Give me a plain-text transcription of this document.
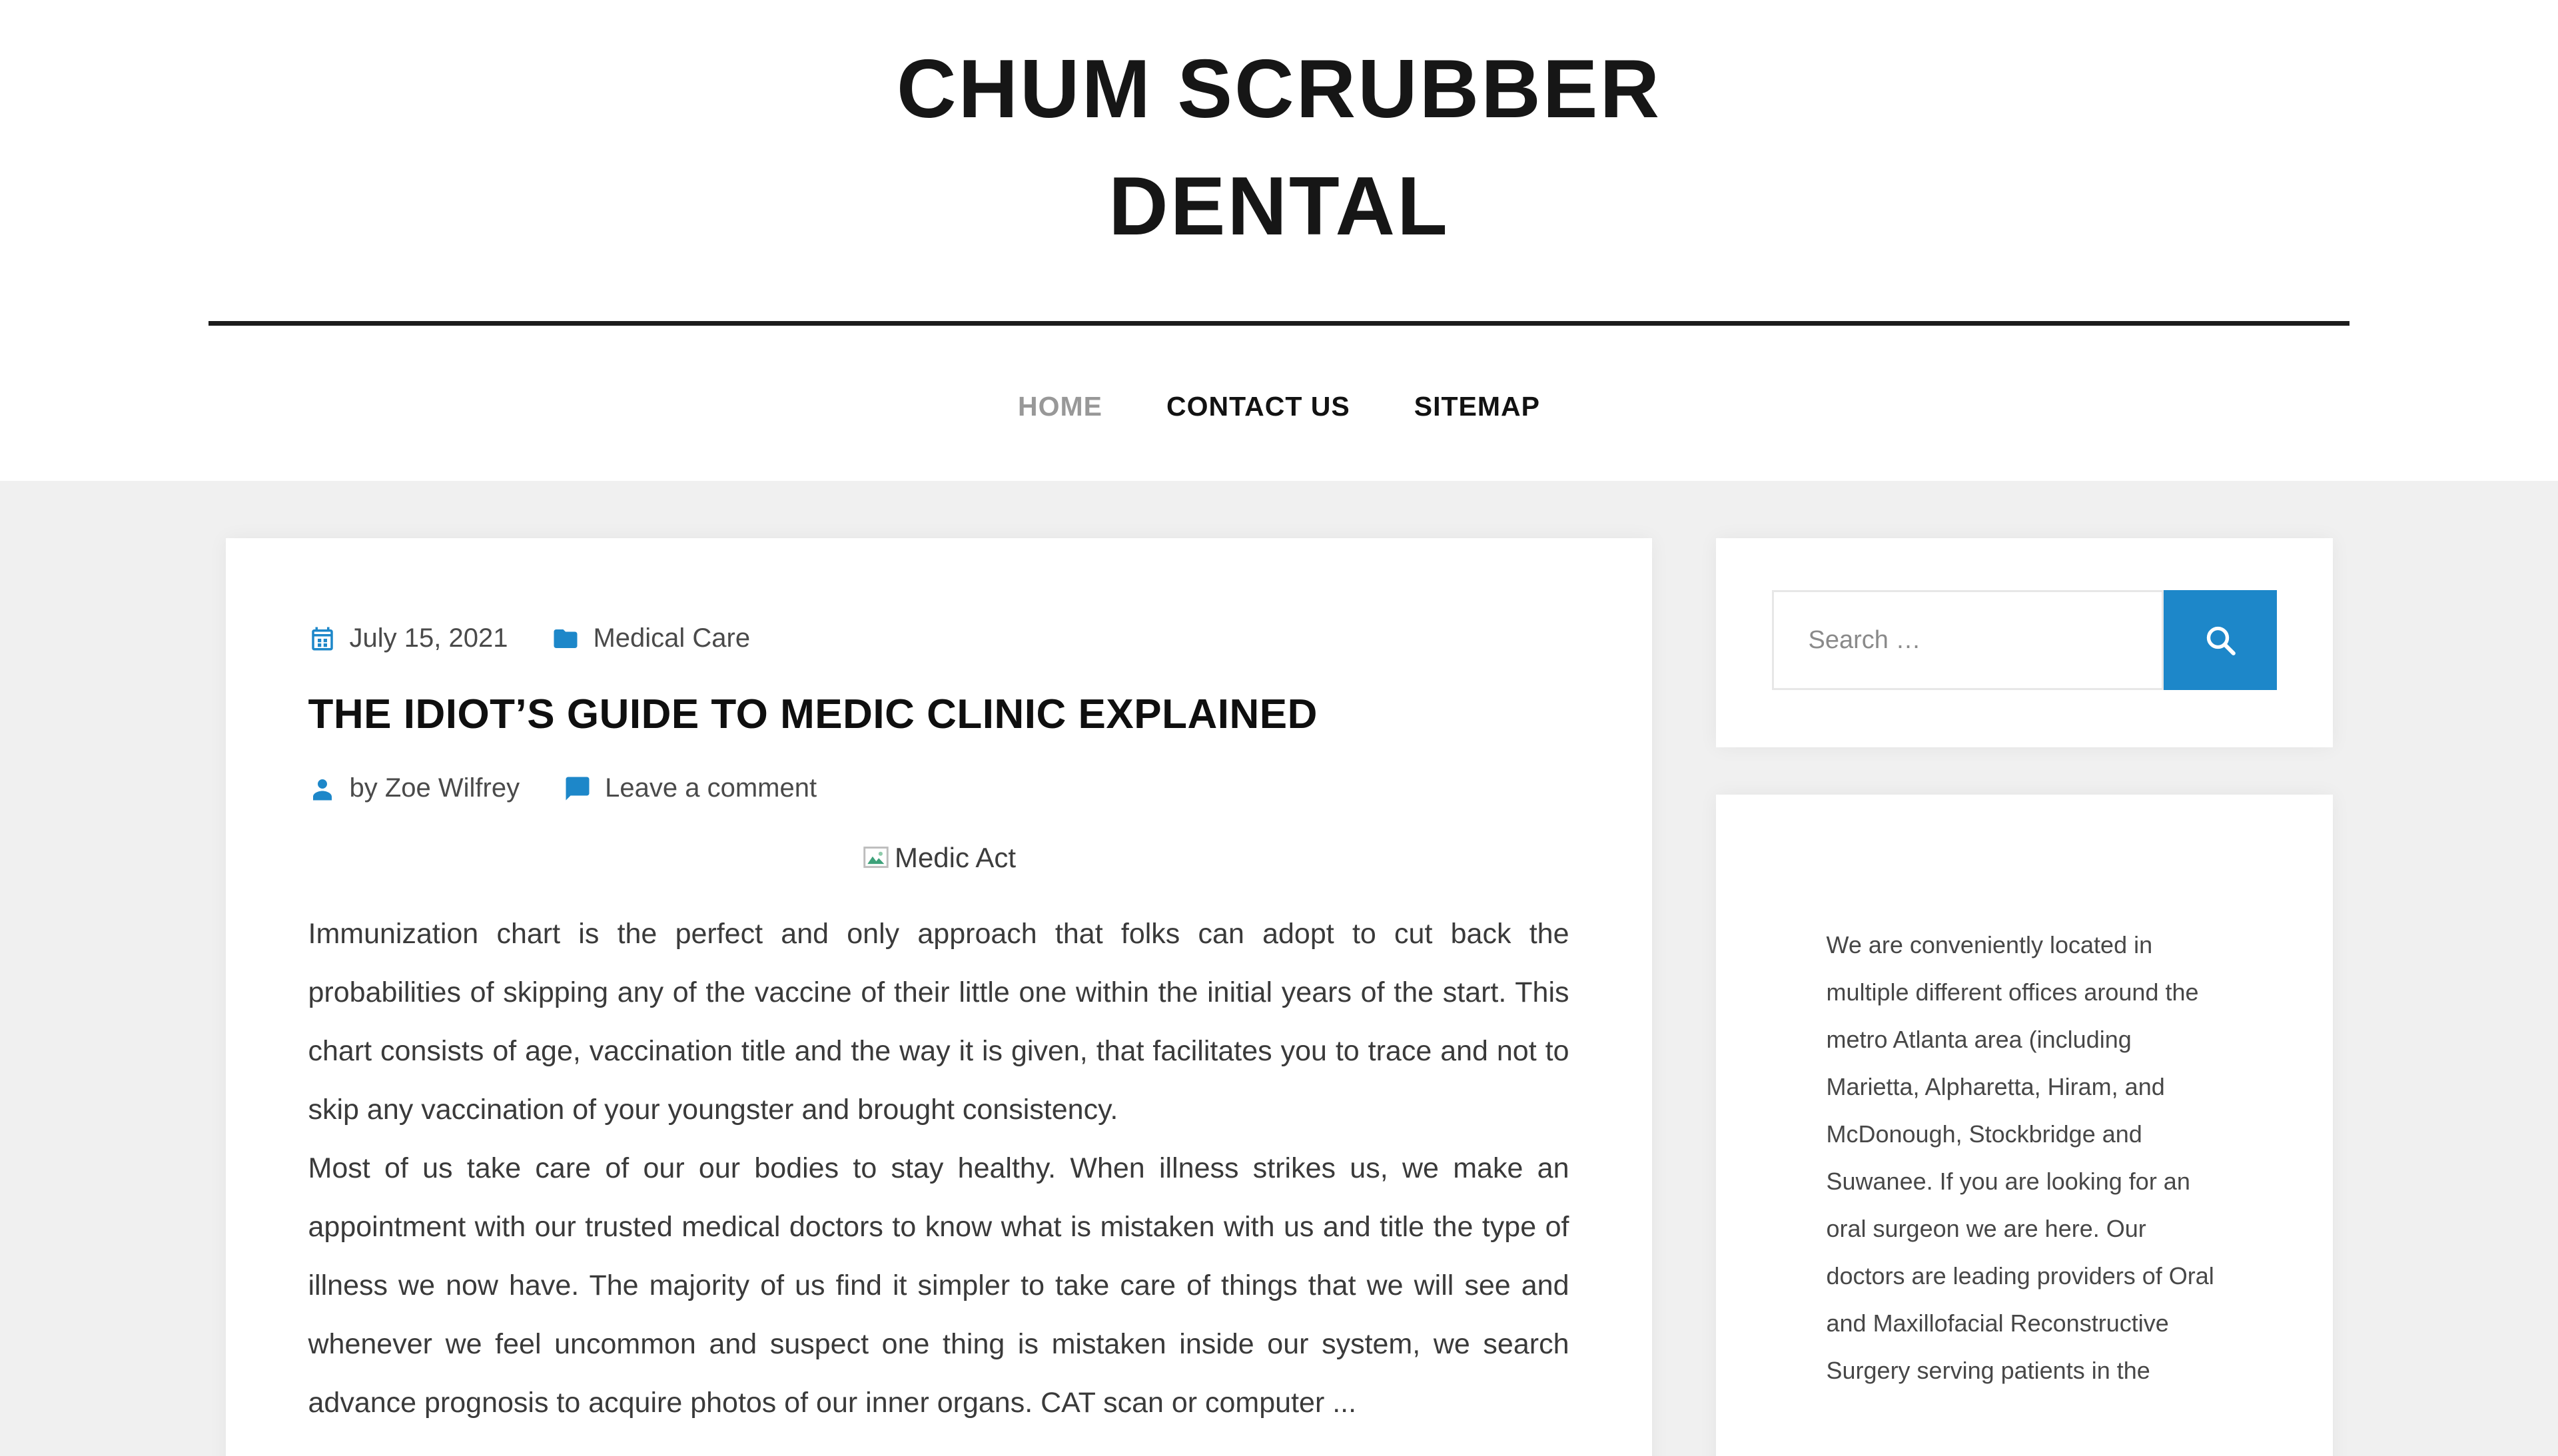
CHUM SCRUBBER DENTAL
HOME CONTACT US SITEMAP
July 15, 2021	Medical Care
THE IDIOT’S GUIDE TO MEDIC CLINIC EXPLAINED
by Zoe Wilfrey	Leave a comment
Medic Act

Immunization chart is the perfect and only approach that folks can adopt to cut back the probabilities of skipping any of the vaccine of their little one within the initial years of the start. This chart consists of age, vaccination title and the way it is given, that facilitates you to trace and not to skip any vaccination of your youngster and brought consistency.

Most of us take care of our our bodies to stay healthy. When illness strikes us, we make an appointment with our trusted medical doctors to know what is mistaken with us and title the type of illness we now have. The majority of us find it simpler to take care of things that we will see and whenever we feel uncommon and suspect one thing is mistaken inside our system, we search advance prognosis to acquire photos of our inner organs. CAT scan or computer ...

Search …

We are conveniently located in multiple different offices around the metro Atlanta area (including Marietta, Alpharetta, Hiram, and McDonough, Stockbridge and Suwanee. If you are looking for an oral surgeon we are here. Our doctors are leading providers of Oral and Maxillofacial Reconstructive Surgery serving patients in the
